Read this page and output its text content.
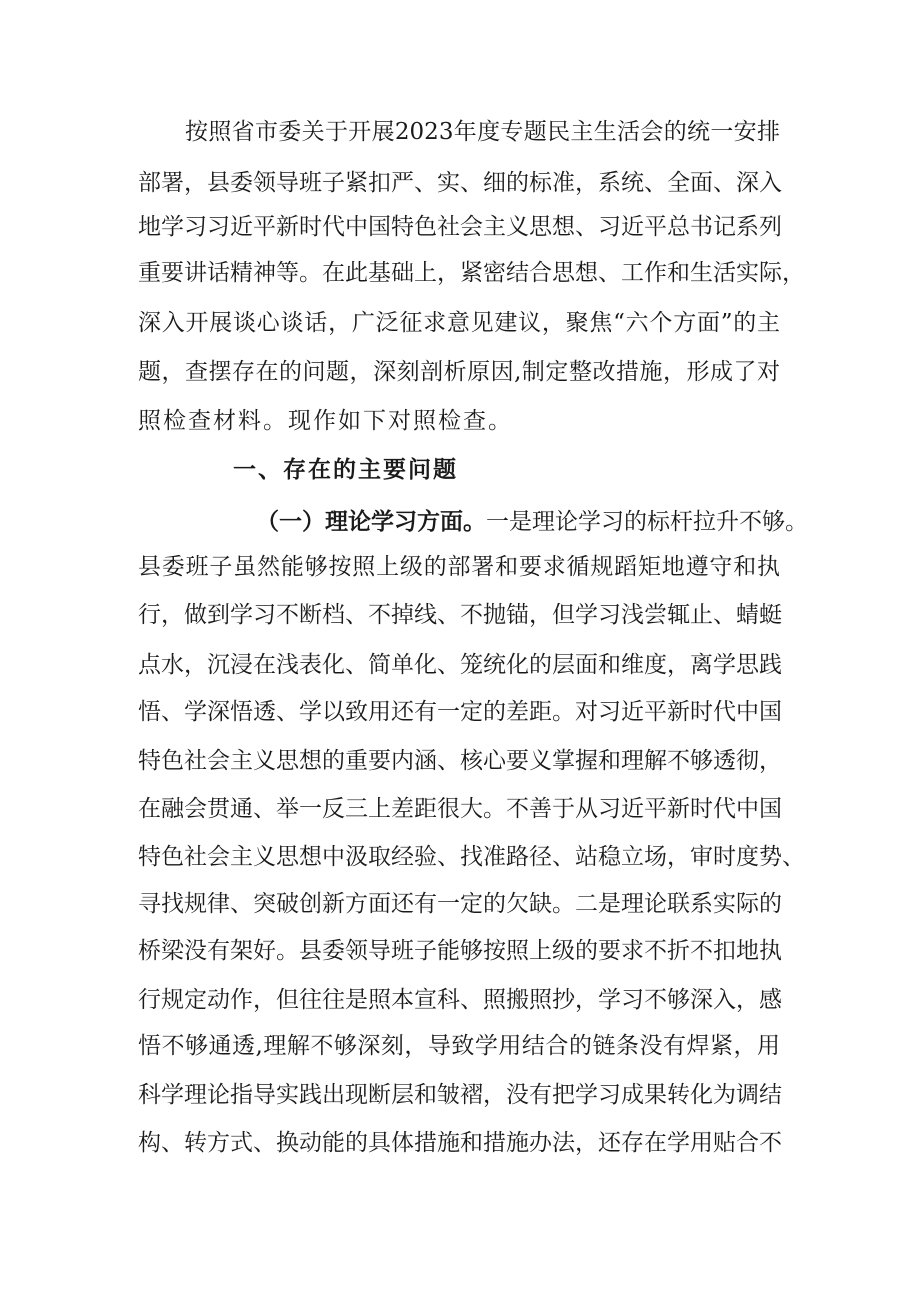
按照省市委关于开展2023年度专题民主生活会的统一安排
部署，县委领导班子紧扣严、实、细的标准，系统、全面、深入
地学习习近平新时代中国特色社会主义思想、习近平总书记系列
重要讲话精神等。在此基础上，紧密结合思想、工作和生活实际，
深入开展谈心谈话，广泛征求意见建议，聚焦“六个方面”的主
题，查摆存在的问题，深刻剖析原因,制定整改措施，形成了对
照检查材料。现作如下对照检查。
一、存在的主要问题
（一）理论学习方面。一是理论学习的标杆拉升不够。
县委班子虽然能够按照上级的部署和要求循规蹈矩地遵守和执
行，做到学习不断档、不掉线、不抛锚，但学习浅尝辄止、蜻蜓
点水，沉浸在浅表化、简单化、笼统化的层面和维度，离学思践
悟、学深悟透、学以致用还有一定的差距。对习近平新时代中国
特色社会主义思想的重要内涵、核心要义掌握和理解不够透彻，
在融会贯通、举一反三上差距很大。不善于从习近平新时代中国
特色社会主义思想中汲取经验、找准路径、站稳立场，审时度势、
寻找规律、突破创新方面还有一定的欠缺。二是理论联系实际的
桥梁没有架好。县委领导班子能够按照上级的要求不折不扣地执
行规定动作，但往往是照本宣科、照搬照抄，学习不够深入，感
悟不够通透,理解不够深刻，导致学用结合的链条没有焊紧，用
科学理论指导实践出现断层和皱褶，没有把学习成果转化为调结
构、转方式、换动能的具体措施和措施办法，还存在学用贴合不
